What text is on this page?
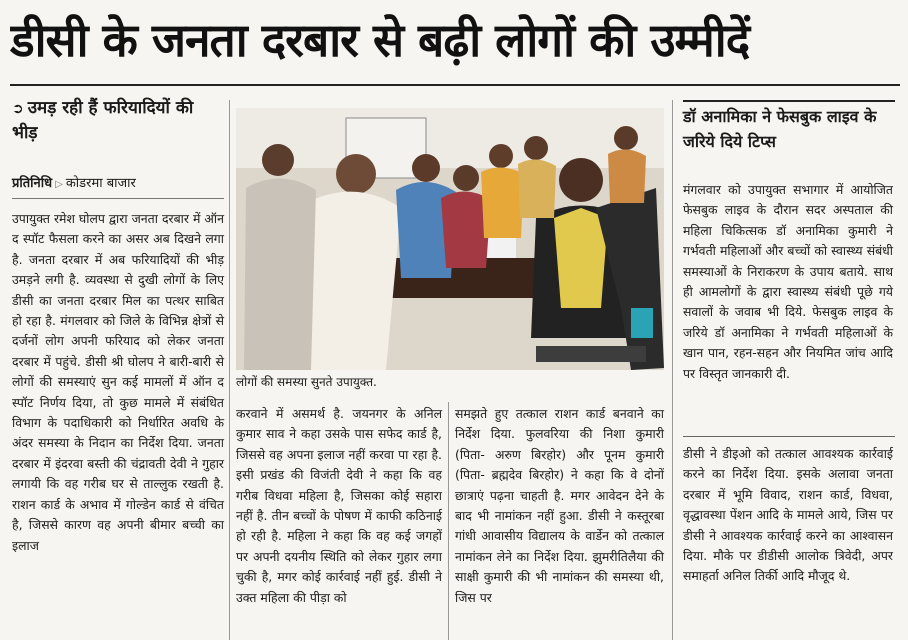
डीसी के जनता दरबार से बढ़ी लोगों की उम्मीदें

➲ उमड़ रही हैं फरियादियों की भीड़

प्रतिनिधि ▷ कोडरमा बाजार

उपायुक्त रमेश घोलप द्वारा जनता दरबार में ऑन द स्पॉट फैसला करने का असर अब दिखने लगा है. जनता दरबार में अब फरियादियों की भीड़ उमड़ने लगी है. व्यवस्था से दुखी लोगों के लिए डीसी का जनता दरबार मिल का पत्थर साबित हो रहा है. मंगलवार को जिले के विभिन्न क्षेत्रों से दर्जनों लोग अपनी फरियाद को लेकर जनता दरबार में पहुंचे. डीसी श्री घोलप ने बारी-बारी से लोगों की समस्याएं सुन कई मामलों में ऑन द स्पॉट निर्णय दिया, तो कुछ मामले में संबंधित विभाग के पदाधिकारी को निर्धारित अवधि के अंदर समस्या के निदान का निर्देश दिया. जनता दरबार में इंदरवा बस्ती की चंद्रावती देवी ने गुहार लगायी कि वह गरीब घर से ताल्लुक रखती है. राशन कार्ड के अभाव में गोल्डेन कार्ड से वंचित है, जिससे कारण वह अपनी बीमार बच्ची का इलाज

लोगों की समस्या सुनते उपायुक्त.

करवाने में असमर्थ है. जयनगर के अनिल कुमार साव ने कहा उसके पास सफेद कार्ड है, जिससे वह अपना इलाज नहीं करवा पा रहा है. इसी प्रखंड की विजंती देवी ने कहा कि वह गरीब विधवा महिला है, जिसका कोई सहारा नहीं है. तीन बच्चों के पोषण में काफी कठिनाई हो रही है. महिला ने कहा कि वह कई जगहों पर अपनी दयनीय स्थिति को लेकर गुहार लगा चुकी है, मगर कोई कार्रवाई नहीं हुई. डीसी ने उक्त महिला की पीड़ा को

समझते हुए तत्काल राशन कार्ड बनवाने का निर्देश दिया. फुलवरिया की निशा कुमारी (पिता- अरुण बिरहोर) और पूनम कुमारी (पिता- ब्रह्मदेव बिरहोर) ने कहा कि वे दोनों छात्राएं पढ़ना चाहती है. मगर आवेदन देने के बाद भी नामांकन नहीं हुआ. डीसी ने कस्तूरबा गांधी आवासीय विद्यालय के वार्डेन को तत्काल नामांकन लेने का निर्देश दिया. झुमरीतिलैया की साक्षी कुमारी की भी नामांकन की समस्या थी, जिस पर

डॉ अनामिका ने फेसबुक लाइव के जरिये दिये टिप्स

मंगलवार को उपायुक्त सभागार में आयोजित फेसबुक लाइव के दौरान सदर अस्पताल की महिला चिकित्सक डॉ अनामिका कुमारी ने गर्भवती महिलाओं और बच्चों को स्वास्थ्य संबंधी समस्याओं के निराकरण के उपाय बताये. साथ ही आमलोगों के द्वारा स्वास्थ्य संबंधी पूछे गये सवालों के जवाब भी दिये. फेसबुक लाइव के जरिये डॉ अनामिका ने गर्भवती महिलाओं के खान पान, रहन-सहन और नियमित जांच आदि पर विस्तृत जानकारी दी.

डीसी ने डीइओ को तत्काल आवश्यक कार्रवाई करने का निर्देश दिया. इसके अलावा जनता दरबार में भूमि विवाद, राशन कार्ड, विधवा, वृद्धावस्था पेंशन आदि के मामले आये, जिस पर डीसी ने आवश्यक कार्रवाई करने का आश्वासन दिया. मौके पर डीडीसी आलोक त्रिवेदी, अपर समाहर्ता अनिल तिर्की आदि मौजूद थे.
